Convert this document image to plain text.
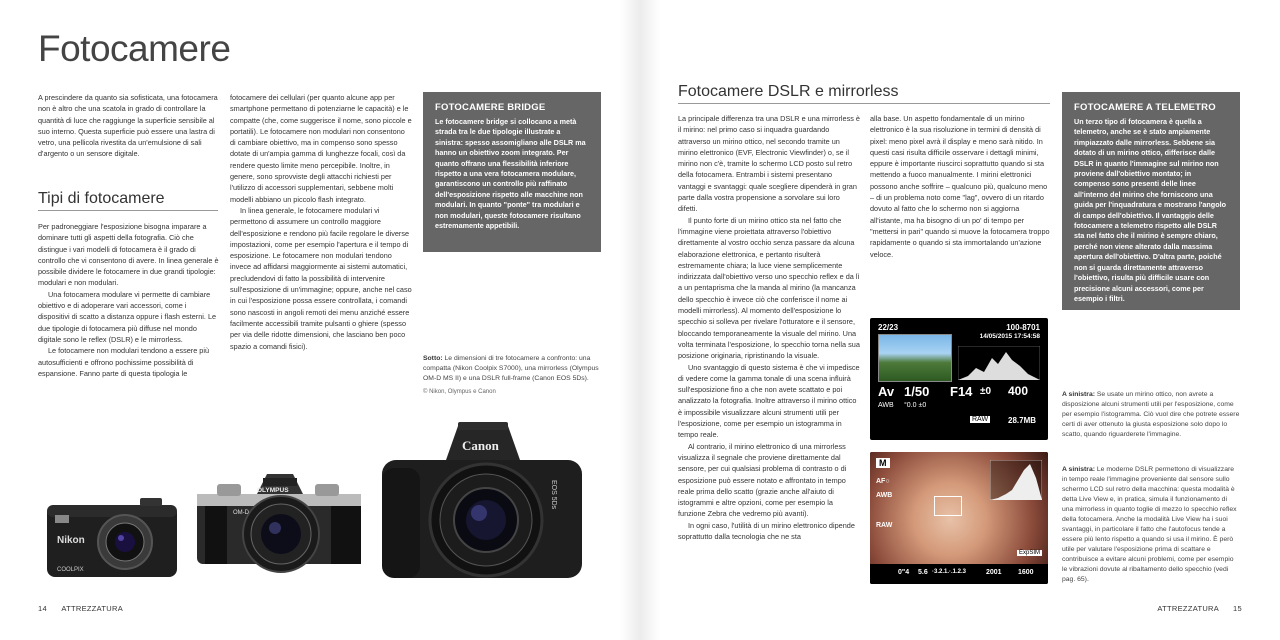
Fotocamere

A prescindere da quanto sia sofisticata, una fotocamera non è altro che una scatola in grado di controllare la quantità di luce che raggiunge la superficie sensibile al suo interno. Questa superficie può essere una lastra di vetro, una pellicola rivestita da un'emulsione di sali d'argento o un sensore digitale.

Tipi di fotocamere

Per padroneggiare l'esposizione bisogna imparare a dominare tutti gli aspetti della fotografia. Ciò che distingue i vari modelli di fotocamera è il grado di controllo che vi consentono di avere. In linea generale è possibile dividere le fotocamere in due grandi tipologie: modulari e non modulari.

Una fotocamera modulare vi permette di cambiare obiettivo e di adoperare vari accessori, come i dispositivi di scatto a distanza oppure i flash esterni. Le due tipologie di fotocamera più diffuse nel mondo digitale sono le reflex (DSLR) e le mirrorless.

Le fotocamere non modulari tendono a essere più autosufficienti e offrono pochissime possibilità di espansione. Fanno parte di questa tipologia le

fotocamere dei cellulari (per quanto alcune app per smartphone permettano di potenziarne le capacità) e le compatte (che, come suggerisce il nome, sono piccole e portatili). Le fotocamere non modulari non consentono di cambiare obiettivo, ma in compenso sono spesso dotate di un'ampia gamma di lunghezze focali, così da rendere questo limite meno percepibile. Inoltre, in genere, sono sprovviste degli attacchi richiesti per l'utilizzo di accessori supplementari, sebbene molti modelli abbiano un piccolo flash integrato.

In linea generale, le fotocamere modulari vi permettono di assumere un controllo maggiore dell'esposizione e rendono più facile regolare le diverse impostazioni, come per esempio l'apertura e il tempo di esposizione. Le fotocamere non modulari tendono invece ad affidarsi maggiormente ai sistemi automatici, precludendovi di fatto la possibilità di intervenire sull'esposizione di un'immagine; oppure, anche nel caso in cui l'esposizione possa essere controllata, i comandi sono nascosti in angoli remoti dei menu anziché essere facilmente accessibili tramite pulsanti o ghiere (spesso per via delle ridotte dimensioni, che lasciano ben poco spazio a comandi fisici).

FOTOCAMERE BRIDGE

Le fotocamere bridge si collocano a metà strada tra le due tipologie illustrate a sinistra: spesso assomigliano alle DSLR ma hanno un obiettivo zoom integrato. Per quanto offrano una flessibilità inferiore rispetto a una vera fotocamera modulare, garantiscono un controllo più raffinato dell'esposizione rispetto alle macchine non modulari. In quanto "ponte" tra modulari e non modulari, queste fotocamere risultano estremamente appetibili.

Sotto: Le dimensioni di tre fotocamere a confronto: una compatta (Nikon Coolpix S7000), una mirrorless (Olympus OM-D MS II) e una DSLR full-frame (Canon EOS 5Ds).
© Nikon, Olympus e Canon
Nikon
COOLPIX
OLYMPUS
OM-D
Canon
EOS 5Ds
14 ATTREZZATURA
Fotocamere DSLR e mirrorless

La principale differenza tra una DSLR e una mirrorless è il mirino: nel primo caso si inquadra guardando attraverso un mirino ottico, nel secondo tramite un mirino elettronico (EVF, Electronic Viewfinder) o, se il mirino non c'è, tramite lo schermo LCD posto sul retro della fotocamera. Entrambi i sistemi presentano vantaggi e svantaggi: quale scegliere dipenderà in gran parte dalla vostra propensione a sorvolare sui loro difetti.

Il punto forte di un mirino ottico sta nel fatto che l'immagine viene proiettata attraverso l'obiettivo direttamente al vostro occhio senza passare da alcuna elaborazione elettronica, e pertanto risulterà estremamente chiara; la luce viene semplicemente indirizzata dall'obiettivo verso uno specchio reflex e da lì a un pentaprisma che la manda al mirino (la mancanza dello specchio è invece ciò che conferisce il nome ai modelli mirrorless). Al momento dell'esposizione lo specchio si solleva per rivelare l'otturatore e il sensore, bloccando temporaneamente la visuale del mirino. Una volta terminata l'esposizione, lo specchio torna nella sua posizione originaria, ripristinando la visuale.

Uno svantaggio di questo sistema è che vi impedisce di vedere come la gamma tonale di una scena influirà sull'esposizione fino a che non avete scattato e poi analizzato la fotografia. Inoltre attraverso il mirino ottico è impossibile visualizzare alcuni strumenti utili per l'esposizione, come per esempio un istogramma in tempo reale.

Al contrario, il mirino elettronico di una mirrorless visualizza il segnale che proviene direttamente dal sensore, per cui qualsiasi problema di contrasto o di esposizione può essere notato e affrontato in tempo reale prima dello scatto (grazie anche all'aiuto di istogrammi e altre opzioni, come per esempio la funzione Zebra che vedremo più avanti).

In ogni caso, l'utilità di un mirino elettronico dipende soprattutto dalla tecnologia che ne sta

alla base. Un aspetto fondamentale di un mirino elettronico è la sua risoluzione in termini di densità di pixel: meno pixel avrà il display e meno sarà nitido. In questi casi risulta difficile osservare i dettagli minimi, eppure è importante riuscirci soprattutto quando si sta mettendo a fuoco manualmente. I mirini elettronici possono anche soffrire – qualcuno più, qualcuno meno – di un problema noto come "lag", ovvero di un ritardo dovuto al fatto che lo schermo non si aggiorna all'istante, ma ha bisogno di un po' di tempo per "mettersi in pari" quando si muove la fotocamera troppo rapidamente o quando si sta immortalando un'azione veloce.

FOTOCAMERE A TELEMETRO

Un terzo tipo di fotocamera è quella a telemetro, anche se è stato ampiamente rimpiazzato dalle mirrorless. Sebbene sia dotato di un mirino ottico, differisce dalle DSLR in quanto l'immagine sul mirino non proviene dall'obiettivo montato; in compenso sono presenti delle linee all'interno del mirino che forniscono una guida per l'inquadratura e mostrano l'angolo di campo dell'obiettivo. Il vantaggio delle fotocamere a telemetro rispetto alle DSLR sta nel fatto che il mirino è sempre chiaro, perché non viene alterato dalla massima apertura dell'obiettivo. D'altra parte, poiché non si guarda direttamente attraverso l'obiettivo, risulta più difficile usare con precisione alcuni accessori, come per esempio i filtri.

22/23	100-8701
14/05/2015 17:54:58
Av 1/50 F14 ±0 400
AWB °0.0 ±0
RAW 28.7MB
M
AF○
AWB
RAW
ExpSIM
0"4 5.6 ·3.2.1.·.1.2.3	2001 1600
A sinistra: Se usate un mirino ottico, non avrete a disposizione alcuni strumenti utili per l'esposizione, come per esempio l'istogramma. Ciò vuol dire che potrete essere certi di aver ottenuto la giusta esposizione solo dopo lo scatto, quando riguarderete l'immagine.
A sinistra: Le moderne DSLR permettono di visualizzare in tempo reale l'immagine proveniente dal sensore sullo schermo LCD sul retro della macchina: questa modalità è detta Live View e, in pratica, simula il funzionamento di una mirrorless in quanto toglie di mezzo lo specchio reflex della fotocamera. Anche la modalità Live View ha i suoi svantaggi, in particolare il fatto che l'autofocus tende a essere più lento rispetto a quando si usa il mirino. È però utile per valutare l'esposizione prima di scattare e contribuisce a evitare alcuni problemi, come per esempio le vibrazioni dovute al ribaltamento dello specchio (vedi pag. 65).
ATTREZZATURA 15
